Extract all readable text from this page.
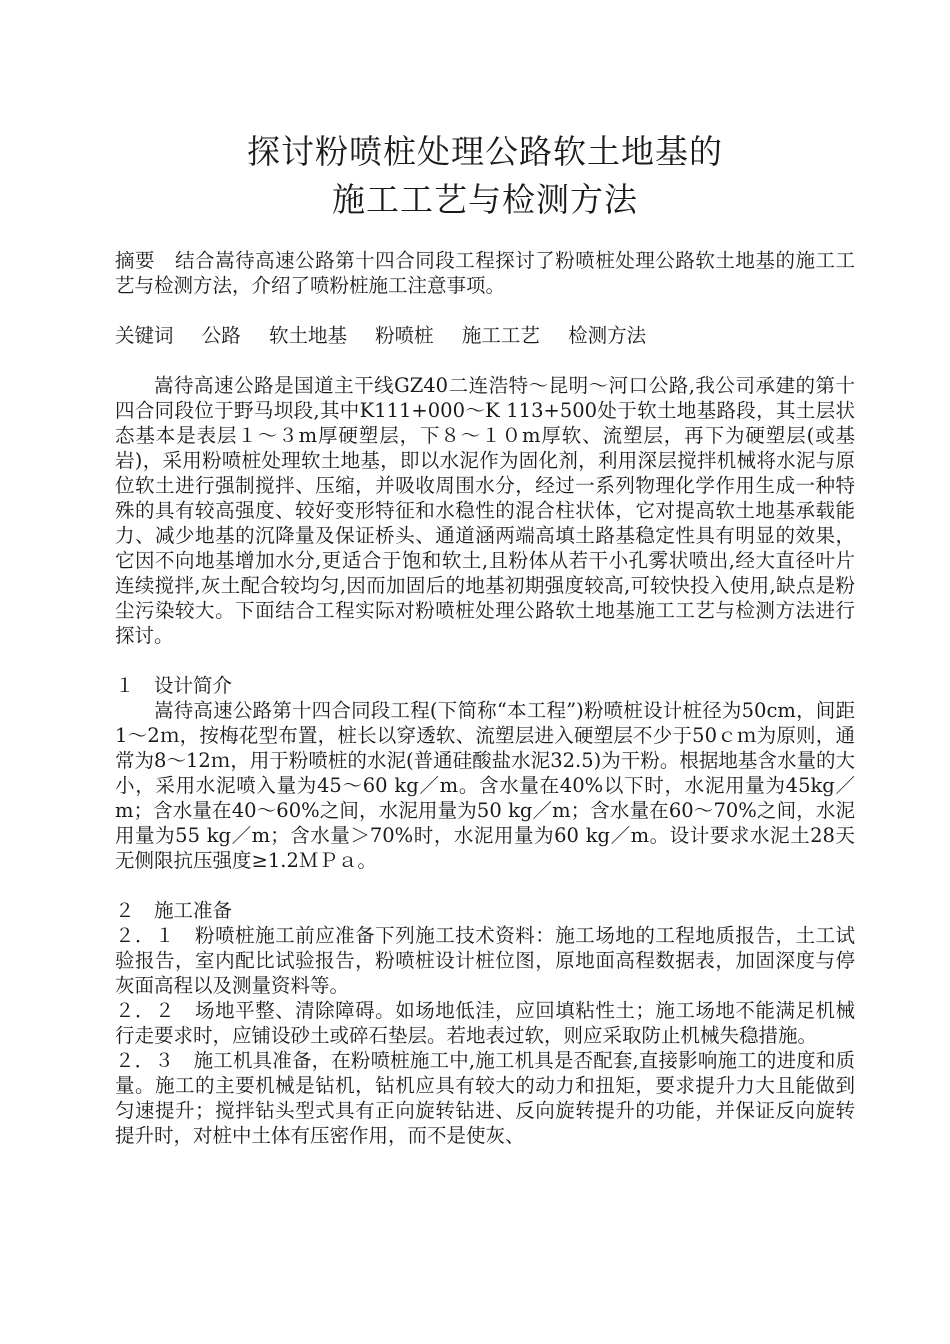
探讨粉喷桩处理公路软土地基的
施工工艺与检测方法

摘要　结合嵩待高速公路第十四合同段工程探讨了粉喷桩处理公路软土地基的施工工艺与检测方法，介绍了喷粉桩施工注意事项。

关键词 公路 软土地基 粉喷桩 施工工艺 检测方法

嵩待高速公路是国道主干线GZ40二连浩特～昆明～河口公路,我公司承建的第十四合同段位于野马坝段,其中K111+000～K 113+500处于软土地基路段，其土层状态基本是表层１～３m厚硬塑层，下８～１０m厚软、流塑层，再下为硬塑层(或基岩)，采用粉喷桩处理软土地基，即以水泥作为固化剂，利用深层搅拌机械将水泥与原位软土进行强制搅拌、压缩，并吸收周围水分，经过一系列物理化学作用生成一种特殊的具有较高强度、较好变形特征和水稳性的混合柱状体，它对提高软土地基承载能力、减少地基的沉降量及保证桥头、通道涵两端高填土路基稳定性具有明显的效果，它因不向地基增加水分,更适合于饱和软土,且粉体从若干小孔雾状喷出,经大直径叶片连续搅拌,灰土配合较均匀,因而加固后的地基初期强度较高,可较快投入使用,缺点是粉尘污染较大。下面结合工程实际对粉喷桩处理公路软土地基施工工艺与检测方法进行探讨。

１　设计简介

嵩待高速公路第十四合同段工程(下简称“本工程”)粉喷桩设计桩径为50cm，间距1～2ｍ，按梅花型布置，桩长以穿透软、流塑层进入硬塑层不少于50ｃｍ为原则，通常为8～12ｍ，用于粉喷桩的水泥(普通硅酸盐水泥32.5)为干粉。根据地基含水量的大小，采用水泥喷入量为45～60 kg／m。含水量在40%以下时，水泥用量为45kg／m；含水量在40～60%之间，水泥用量为50 kg／m；含水量在60～70%之间，水泥用量为55 kg／m；含水量＞70%时，水泥用量为60 kg／m。设计要求水泥土28天无侧限抗压强度≥1.2ＭＰａ。

２　施工准备

２．１　粉喷桩施工前应准备下列施工技术资料：施工场地的工程地质报告，土工试验报告，室内配比试验报告，粉喷桩设计桩位图，原地面高程数据表，加固深度与停灰面高程以及测量资料等。

２．２　场地平整、清除障碍。如场地低洼，应回填粘性土；施工场地不能满足机械行走要求时，应铺设砂土或碎石垫层。若地表过软，则应采取防止机械失稳措施。

２．３　施工机具准备，在粉喷桩施工中,施工机具是否配套,直接影响施工的进度和质量。施工的主要机械是钻机，钻机应具有较大的动力和扭矩，要求提升力大且能做到匀速提升；搅拌钻头型式具有正向旋转钻进、反向旋转提升的功能，并保证反向旋转提升时，对桩中土体有压密作用，而不是使灰、
